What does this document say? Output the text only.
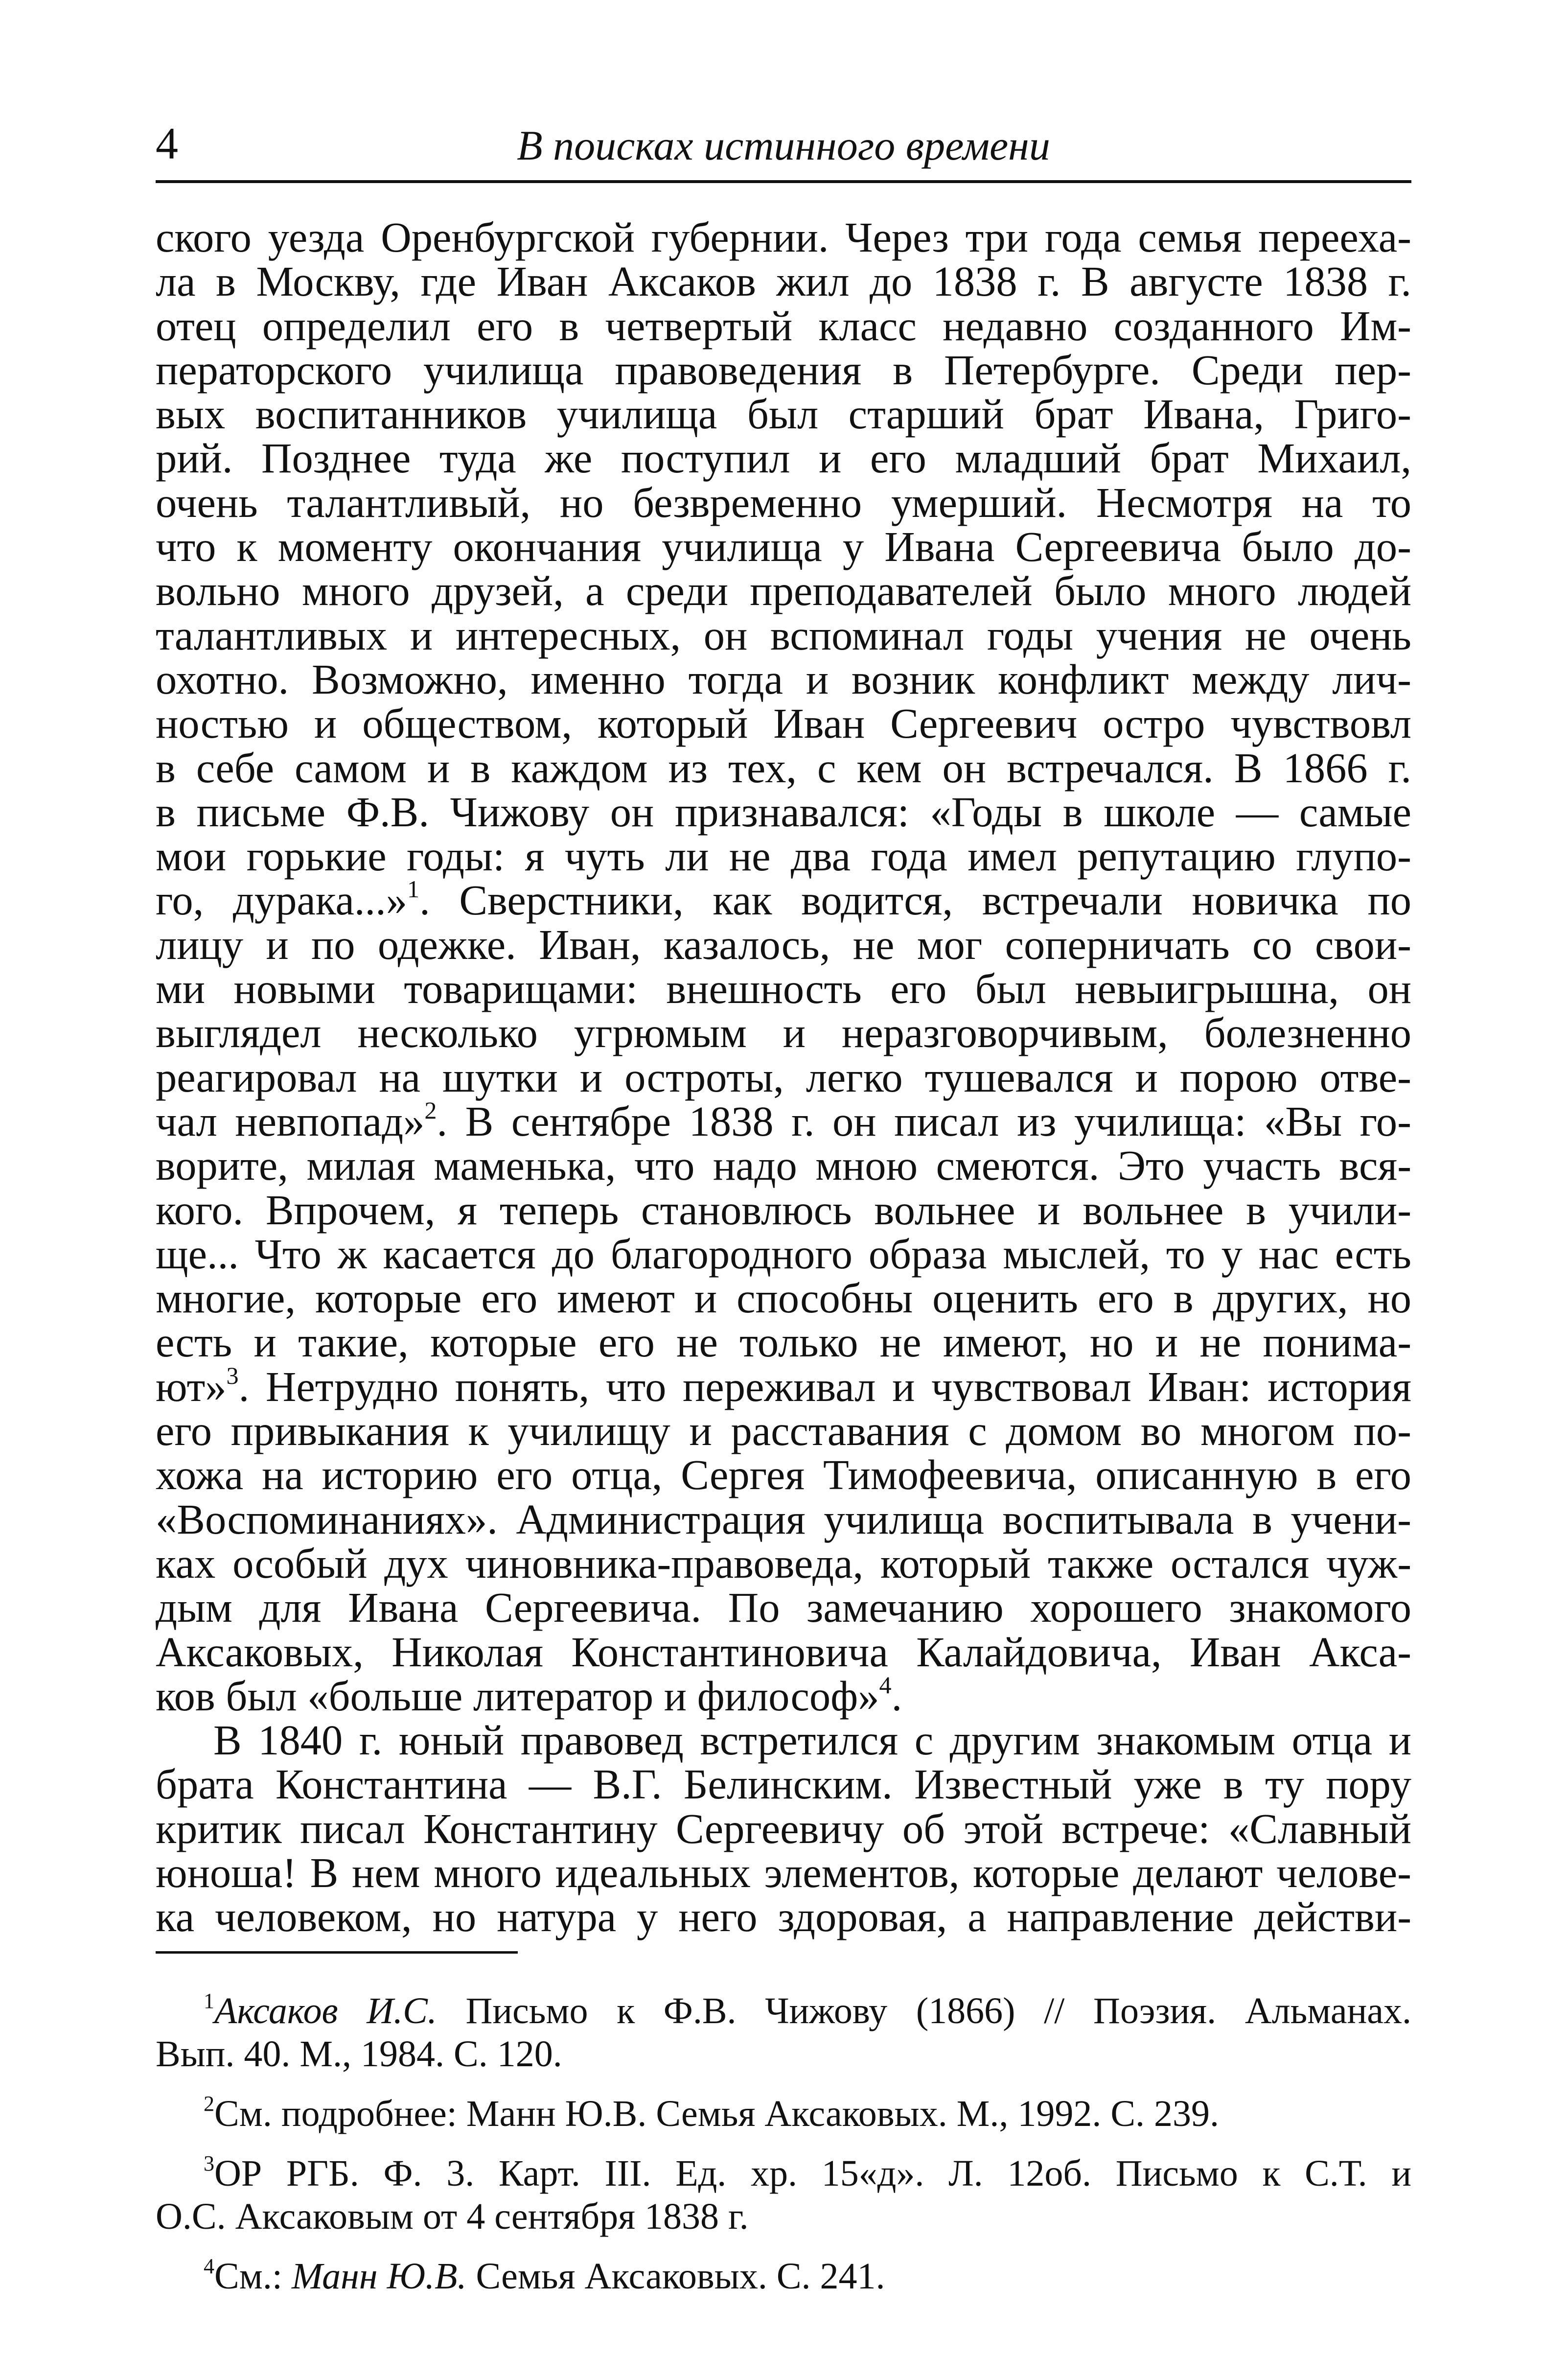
4	В поисках истинного времени
ского уезда Оренбургской губернии. Через три года семья перееха-
ла в Москву, где Иван Аксаков жил до 1838 г. В августе 1838 г.
отец определил его в четвертый класс недавно созданного Им-
ператорского училища правоведения в Петербурге. Среди пер-
вых воспитанников училища был старший брат Ивана, Григо-
рий. Позднее туда же поступил и его младший брат Михаил,
очень талантливый, но безвременно умерший. Несмотря на то
что к моменту окончания училища у Ивана Сергеевича было до-
вольно много друзей, а среди преподавателей было много людей
талантливых и интересных, он вспоминал годы учения не очень
охотно. Возможно, именно тогда и возник конфликт между лич-
ностью и обществом, который Иван Сергеевич остро чувствовл
в себе самом и в каждом из тех, с кем он встречался. В 1866 г.
в письме Ф.В. Чижову он признавался: «Годы в школе — самые
мои горькие годы: я чуть ли не два года имел репутацию глупо-
го, дурака...»$^1$. Сверстники, как водится, встречали новичка по
лицу и по одежке. Иван, казалось, не мог соперничать со свои-
ми новыми товарищами: внешность его был невыигрышна, он
выглядел несколько угрюмым и неразговорчивым, болезненно
реагировал на шутки и остроты, легко тушевался и порою отве-
чал невпопад»$^2$. В сентябре 1838 г. он писал из училища: «Вы го-
ворите, милая маменька, что надо мною смеются. Это участь вся-
кого. Впрочем, я теперь становлюсь вольнее и вольнее в учили-
ще... Что ж касается до благородного образа мыслей, то у нас есть
многие, которые его имеют и способны оценить его в других, но
есть и такие, которые его не только не имеют, но и не понима-
ют»$^3$. Нетрудно понять, что переживал и чувствовал Иван: история
его привыкания к училищу и расставания с домом во многом по-
хожа на историю его отца, Сергея Тимофеевича, описанную в его
«Воспоминаниях». Администрация училища воспитывала в учени-
ках особый дух чиновника-правоведа, который также остался чуж-
дым для Ивана Сергеевича. По замечанию хорошего знакомого
Аксаковых, Николая Константиновича Калайдовича, Иван Акса-
ков был «больше литератор и философ»$^4$.
В 1840 г. юный правовед встретился с другим знакомым отца и
брата Константина — В.Г. Белинским. Известный уже в ту пору
критик писал Константину Сергеевичу об этой встрече: «Славный
юноша! В нем много идеальных элементов, которые делают челове-
ка человеком, но натура у него здоровая, а направление действи-
$^1$Аксаков И.С. Письмо к Ф.В. Чижову (1866) // Поэзия. Альманах.
Вып. 40. М., 1984. С. 120.
$^2$См. подробнее: Манн Ю.В. Семья Аксаковых. М., 1992. С. 239.
$^3$ОР РГБ. Ф. 3. Карт. III. Ед. хр. 15«д». Л. 12об. Письмо к С.Т. и
О.С. Аксаковым от 4 сентября 1838 г.
$^4$См.: Манн Ю.В. Семья Аксаковых. С. 241.
